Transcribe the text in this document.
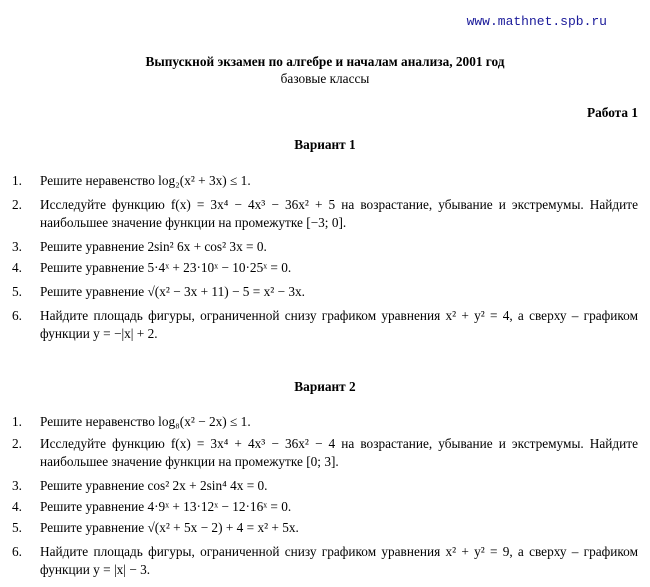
www.mathnet.spb.ru
Выпускной экзамен по алгебре и началам анализа, 2001 год
базовые классы
Работа 1
Вариант 1
1. Решите неравенство log₂(x² + 3x) ≤ 1.
2. Исследуйте функцию f(x) = 3x⁴ − 4x³ − 36x² + 5 на возрастание, убывание и экстремумы. Найдите наибольшее значение функции на промежутке [−3; 0].
3. Решите уравнение 2sin² 6x + cos² 3x = 0.
4. Решите уравнение 5·4ˣ + 23·10ˣ − 10·25ˣ = 0.
5. Решите уравнение √(x² − 3x + 11) − 5 = x² − 3x.
6. Найдите площадь фигуры, ограниченной снизу графиком уравнения x² + y² = 4, а сверху – графиком функции y = −|x| + 2.
Вариант 2
1. Решите неравенство log₈(x² − 2x) ≤ 1.
2. Исследуйте функцию f(x) = 3x⁴ + 4x³ − 36x² − 4 на возрастание, убывание и экстремумы. Найдите наибольшее значение функции на промежутке [0; 3].
3. Решите уравнение cos² 2x + 2sin⁴ 4x = 0.
4. Решите уравнение 4·9ˣ + 13·12ˣ − 12·16ˣ = 0.
5. Решите уравнение √(x² + 5x − 2) + 4 = x² + 5x.
6. Найдите площадь фигуры, ограниченной снизу графиком уравнения x² + y² = 9, а сверху – графиком функции y = |x| − 3.
